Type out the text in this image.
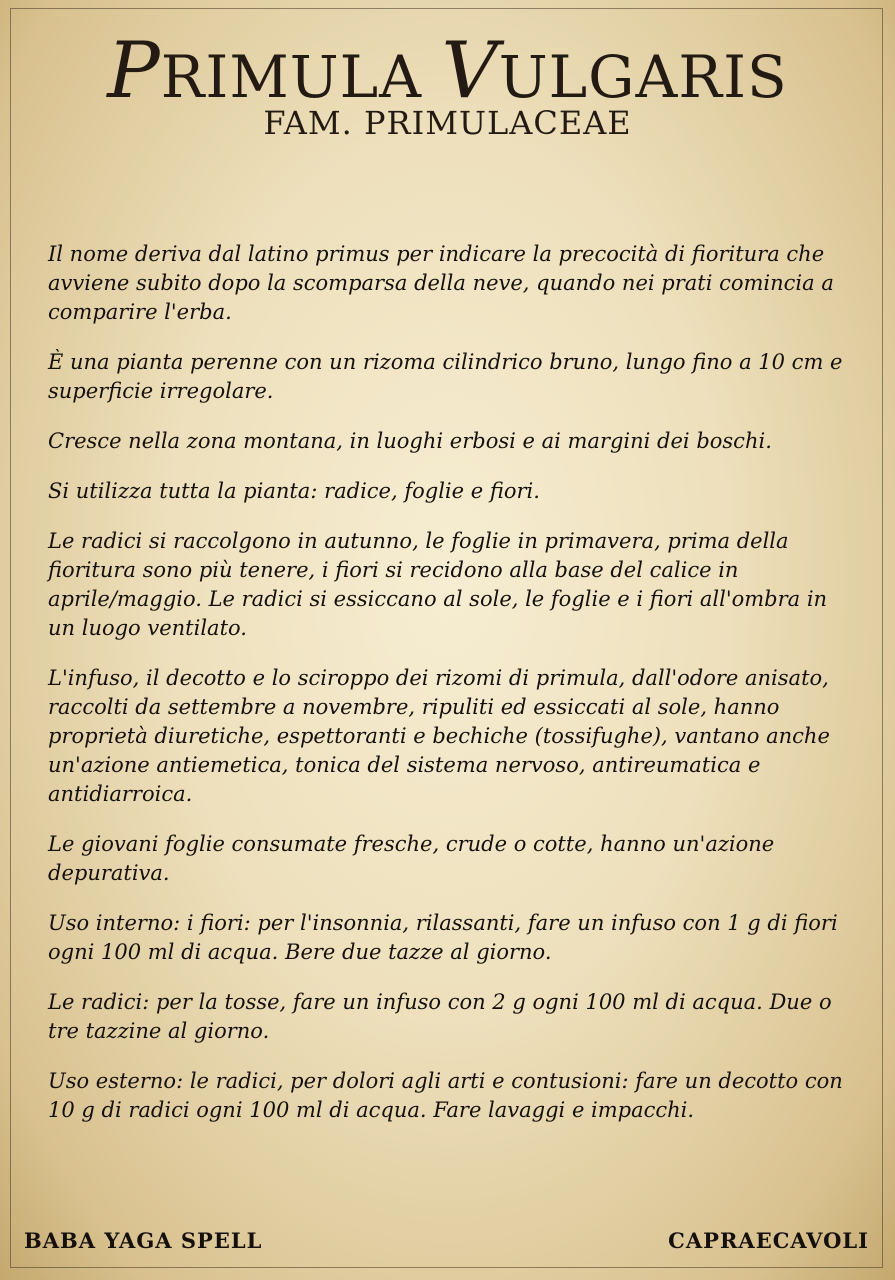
PRIMULA VULGARIS
FAM. PRIMULACEAE

Il nome deriva dal latino primus per indicare la precocità di fioritura che avviene subito dopo la scomparsa della neve, quando nei prati comincia a comparire l'erba.

È una pianta perenne con un rizoma cilindrico bruno, lungo fino a 10 cm e superficie irregolare.

Cresce nella zona montana, in luoghi erbosi e ai margini dei boschi.

Si utilizza tutta la pianta: radice, foglie e fiori.

Le radici si raccolgono in autunno, le foglie in primavera, prima della fioritura sono più tenere, i fiori si recidono alla base del calice in aprile/maggio. Le radici si essiccano al sole, le foglie e i fiori all'ombra in un luogo ventilato.

L'infuso, il decotto e lo sciroppo dei rizomi di primula, dall'odore anisato, raccolti da settembre a novembre, ripuliti ed essiccati al sole, hanno proprietà diuretiche, espettoranti e bechiche (tossifughe), vantano anche un'azione antiemetica, tonica del sistema nervoso, antireumatica e antidiarroica.

Le giovani foglie consumate fresche, crude o cotte, hanno un'azione depurativa.

Uso interno: i fiori: per l'insonnia, rilassanti, fare un infuso con 1 g di fiori ogni 100 ml di acqua. Bere due tazze al giorno.

Le radici: per la tosse, fare un infuso con 2 g ogni 100 ml di acqua. Due o tre tazzine al giorno.

Uso esterno: le radici, per dolori agli arti e contusioni: fare un decotto con 10 g di radici ogni 100 ml di acqua. Fare lavaggi e impacchi.

BABA YAGA SPELL	CAPRAECAVOLI
